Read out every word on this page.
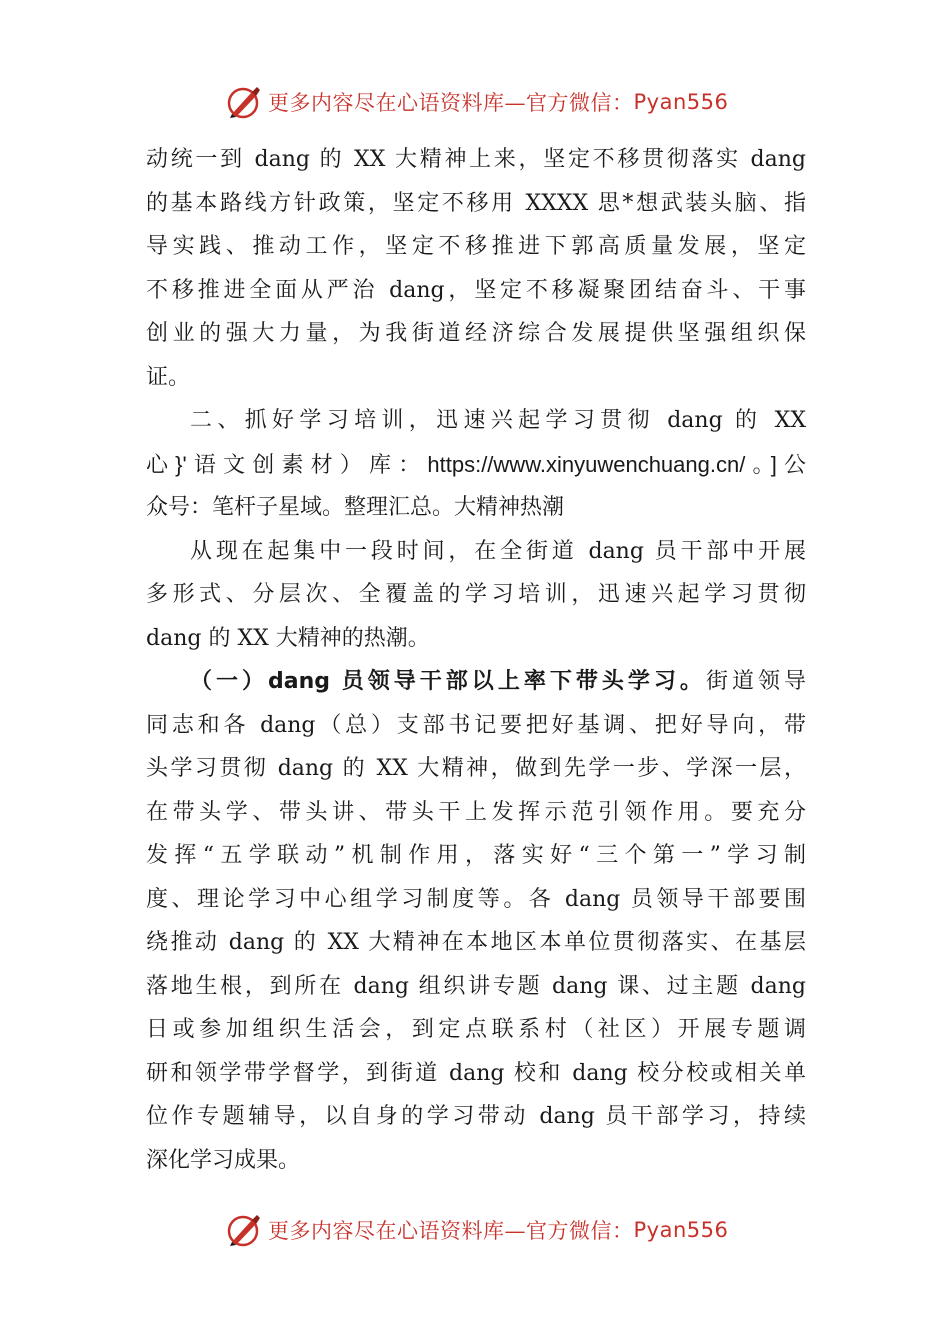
更多内容尽在心语资料库—官方微信： Pyan556
动统一到 dang 的 XX 大精神上来，坚定不移贯彻落实 dang
的基本路线方针政策，坚定不移用 XXXX 思*想武装头脑、指
导实践、推动工作，坚定不移推进下郭高质量发展，坚定
不移推进全面从严治 dang，坚定不移凝聚团结奋斗、干事
创业的强大力量，为我街道经济综合发展提供坚强组织保
证。
二、抓好学习培训，迅速兴起学习贯彻 dang 的 XX
心}'语文创素材）库：https://www.xinyuwenchuang.cn/。]公
众号：笔杆子星域。整理汇总。大精神热潮
从现在起集中一段时间，在全街道 dang 员干部中开展
多形式、分层次、全覆盖的学习培训，迅速兴起学习贯彻
dang 的 XX 大精神的热潮。
（一）dang 员领导干部以上率下带头学习。街道领导
同志和各 dang（总）支部书记要把好基调、把好导向，带
头学习贯彻 dang 的 XX 大精神，做到先学一步、学深一层，
在带头学、带头讲、带头干上发挥示范引领作用。要充分
发挥“五学联动”机制作用，落实好“三个第一”学习制
度、理论学习中心组学习制度等。各 dang 员领导干部要围
绕推动 dang 的 XX 大精神在本地区本单位贯彻落实、在基层
落地生根，到所在 dang 组织讲专题 dang 课、过主题 dang
日或参加组织生活会，到定点联系村（社区）开展专题调
研和领学带学督学，到街道 dang 校和 dang 校分校或相关单
位作专题辅导，以自身的学习带动 dang 员干部学习，持续
深化学习成果。
更多内容尽在心语资料库—官方微信： Pyan556
